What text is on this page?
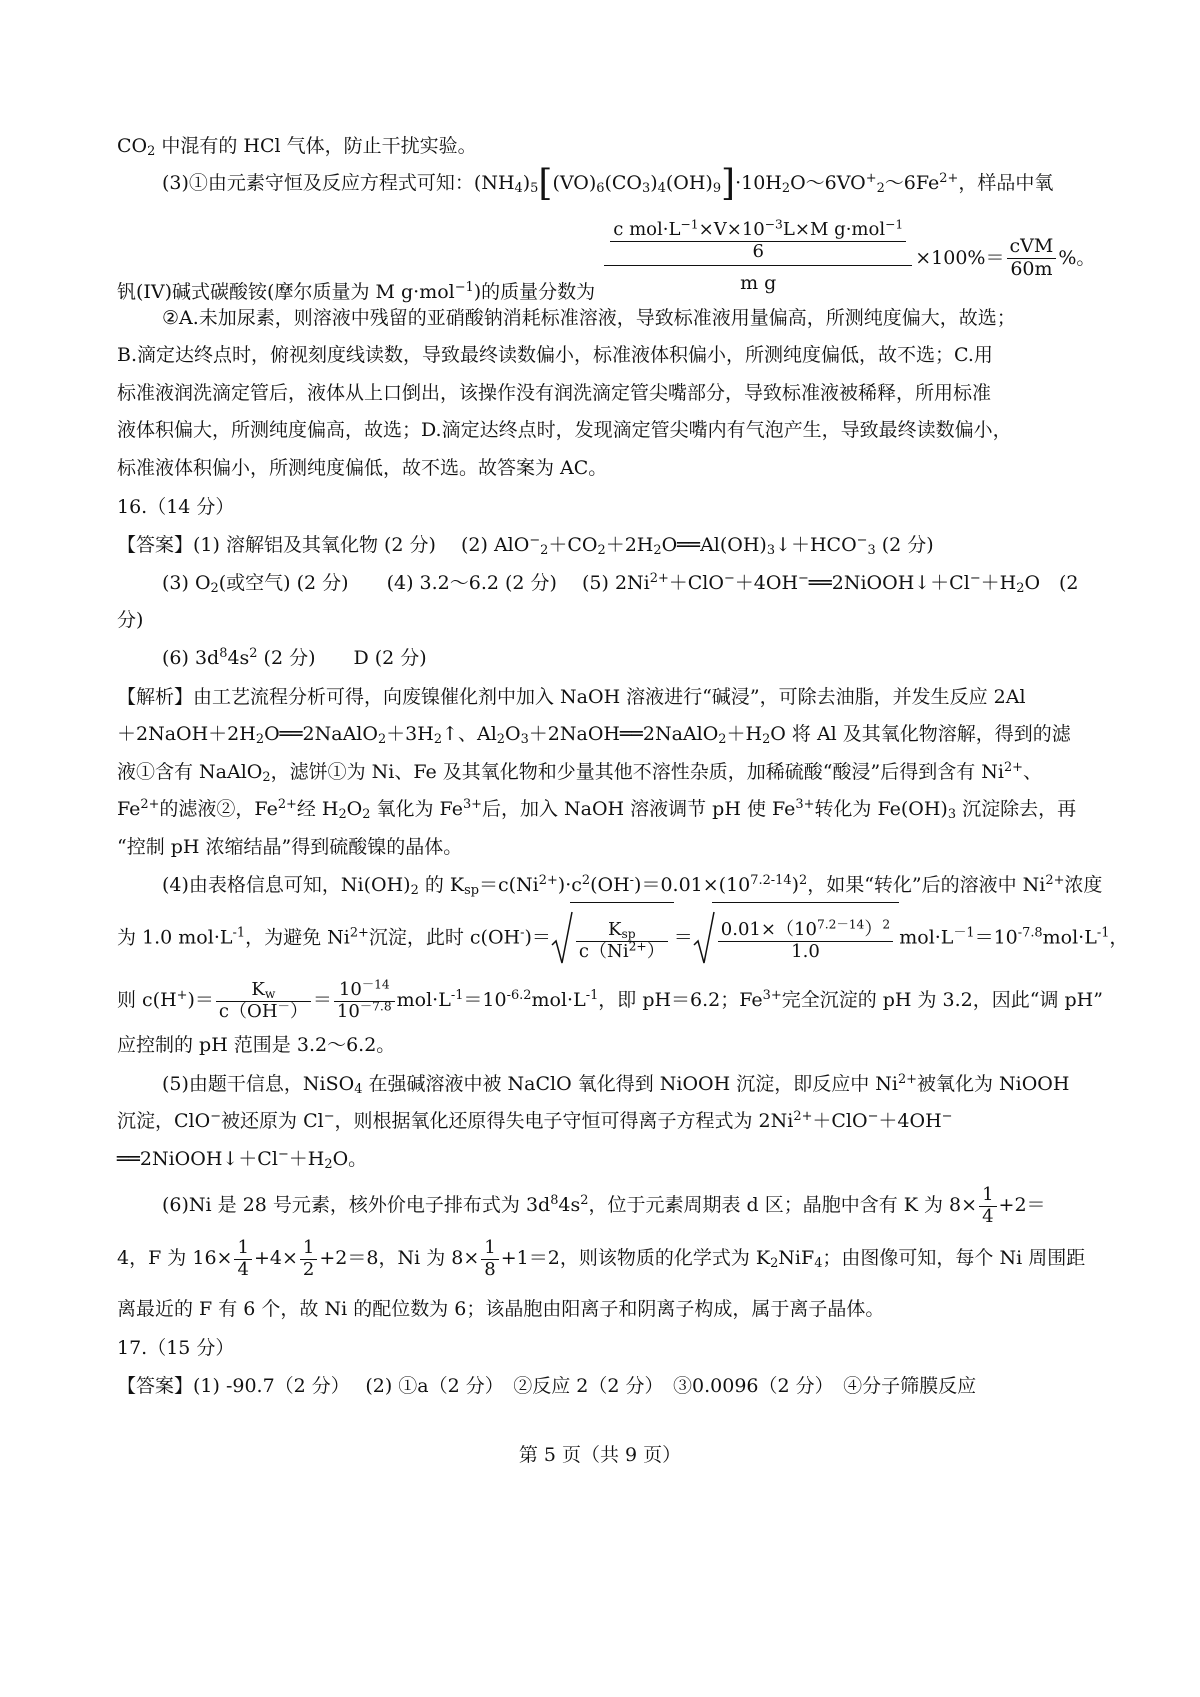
$CO_2$ 中混有的 HCl 气体，防止干扰实验。
(3)①由元素守恒及反应方程式可知：$(NH_4)_5[(VO)_6(CO_3)_4(OH)_9]\cdot 10H_2O\sim 6VO^+_2\sim 6Fe^{2+}$，样品中氧
钒(IV)碱式碳酸铵(摩尔质量为 M g·mol$_{-1}$)的质量分数为
$\frac{c mol\cdot L^{-1}\times V\times 10^{-3}L\times M g\cdot mol^{-1}}{6}$
m g
$\times 100\%= \frac{\text{cVM}}{60m}$ %。
②A.未加尿素，则溶液中残留的亚硝酸钠消耗标准溶液，导致标准液用量偏高，所测纯度偏大，故选；
B.滴定达终点时，俯视刻度线读数，导致最终读数偏小，标准液体积偏小，所测纯度偏低，故不选；C.用
标准液润洗滴定管后，液体从上口倒出，该操作没有润洗滴定管尖嘴部分，导致标准液被稀释，所用标准
液体积偏大，所测纯度偏高，故选；D.滴定达终点时，发现滴定管尖嘴内有气泡产生，导致最终读数偏小，
标准液体积偏小，所测纯度偏低，故不选。故答案为 AC。
16.（14 分）
【答案】(1) 溶解铝及其氧化物 (2 分)　 (2) $AlO^-_2+CO_2+2H_2O══Al(OH)_3↓+HCO^-_3$ (2 分)
(3) $O_2$(或空气) (2 分)　　(4) 3.2～6.2 (2 分)　 (5) $2Ni^{2+}+ClO^-+4OH^-══2NiOOH↓+Cl^-+H_2O$　(2
分)
(6) $3d^84s^2$ (2 分)　　D (2 分)
【解析】由工艺流程分析可得，向废镍催化剂中加入 NaOH 溶液进行“碱浸”，可除去油脂，并发生反应 2Al
$+2NaOH+2H_2O══2NaAlO_2+3H_2↑$、$Al_2O_3+2NaOH══2NaAlO_2+H_2O$ 将 Al 及其氧化物溶解，得到的滤
液①含有 NaAlO$_2$，滤饼①为 Ni、Fe 及其氧化物和少量其他不溶性杂质，加稀硫酸“酸浸”后得到含有 $Ni^{2+}$、
$Fe^{2+}$的滤液②，$Fe^{2+}$经 $H_2O_2$ 氧化为 $Fe^{3+}$后，加入 NaOH 溶液调节 pH 使 $Fe^{3+}$转化为 $Fe(OH)_3$ 沉淀除去，再
“控制 pH 浓缩结晶”得到硫酸镍的晶体。
(4)由表格信息可知，$Ni(OH)_2$ 的 $K_{sp}=c(Ni^{2+})\cdot c^2(OH^-)=0.01\times(10^{7.2-14})^2$，如果“转化”后的溶液中 $Ni^{2+}$浓度
为 1.0 $mol\cdot L^{-1}$，为避免 $Ni^{2+}$沉淀，此时 $c(OH^-)= \frac{K_{sp}}{c(Ni^{2+})} = \frac{0.01\times(10^{7.2-14})^2}{1.0} mol\cdot L^{-1}=10^{-7.8}mol\cdot L^{-1}$，
则 $c(H^+)= \frac{K_w}{c(OH^-)} = \frac{10^{-14}}{10^{-7.8}} mol\cdot L^{-1}=10^{-6.2}mol\cdot L^{-1}$，即 pH＝6.2；$Fe^{3+}$完全沉淀的 pH 为 3.2，因此“调 pH”
应控制的 pH 范围是 3.2～6.2。
(5)由题干信息，NiSO$_4$ 在强碱溶液中被 NaClO 氧化得到 NiOOH 沉淀，即反应中 $Ni^{2+}$被氧化为 NiOOH
沉淀，ClO−被还原为 Cl−，则根据氧化还原得失电子守恒可得离子方程式为 $2Ni^{2+}+ClO^-+4OH^-$
$══2NiOOH↓+Cl^-+H_2O$。
(6)Ni 是 28 号元素，核外价电子排布式为 $3d^84s^2$，位于元素周期表 d 区；晶胞中含有 K 为 $8\times \frac{1}{4} +2=$
4，F 为 $16\times \frac{1}{4} +4\times \frac{1}{2} +2=8$，Ni 为 $8\times \frac{1}{8} +1=2$，则该物质的化学式为 $K_2NiF_4$；由图像可知，每个 Ni 周围距
离最近的 F 有 6 个，故 Ni 的配位数为 6；该晶胞由阳离子和阴离子构成，属于离子晶体。
17.（15 分）
【答案】(1) -90.7（2 分）　 (2) ①a（2 分）　②反应 2（2 分）　③0.0096（2 分）　④分子筛膜反应
第 5 页（共 9 页）
